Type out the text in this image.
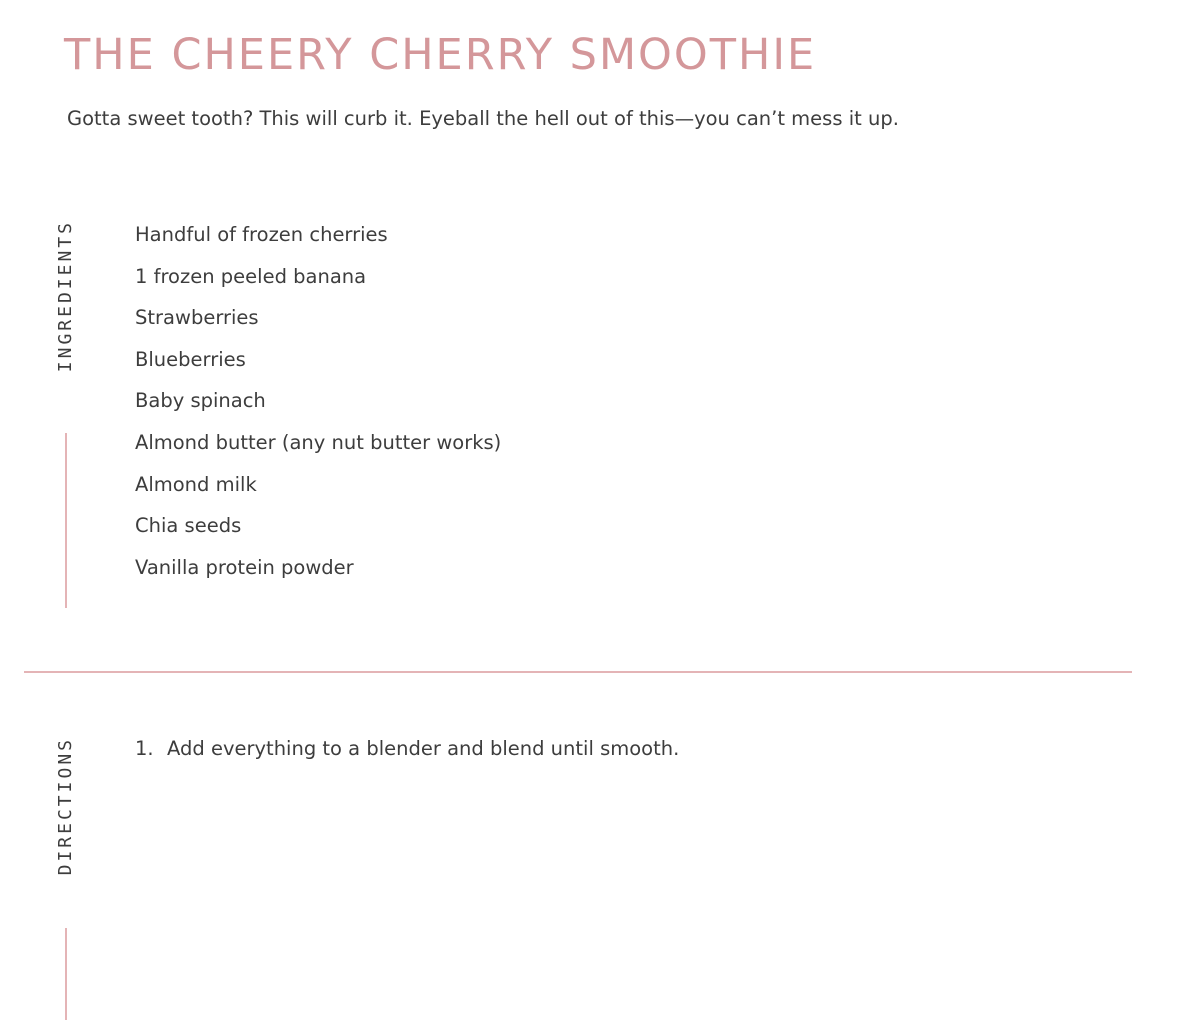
THE CHEERY CHERRY SMOOTHIE

Gotta sweet tooth? This will curb it. Eyeball the hell out of this—you can’t mess it up.

INGREDIENTS	Handful of frozen cherries
1 frozen peeled banana
Strawberries
Blueberries
Baby spinach
Almond butter (any nut butter works)
Almond milk
Chia seeds
Vanilla protein powder
DIRECTIONS	1. Add everything to a blender and blend until smooth.
